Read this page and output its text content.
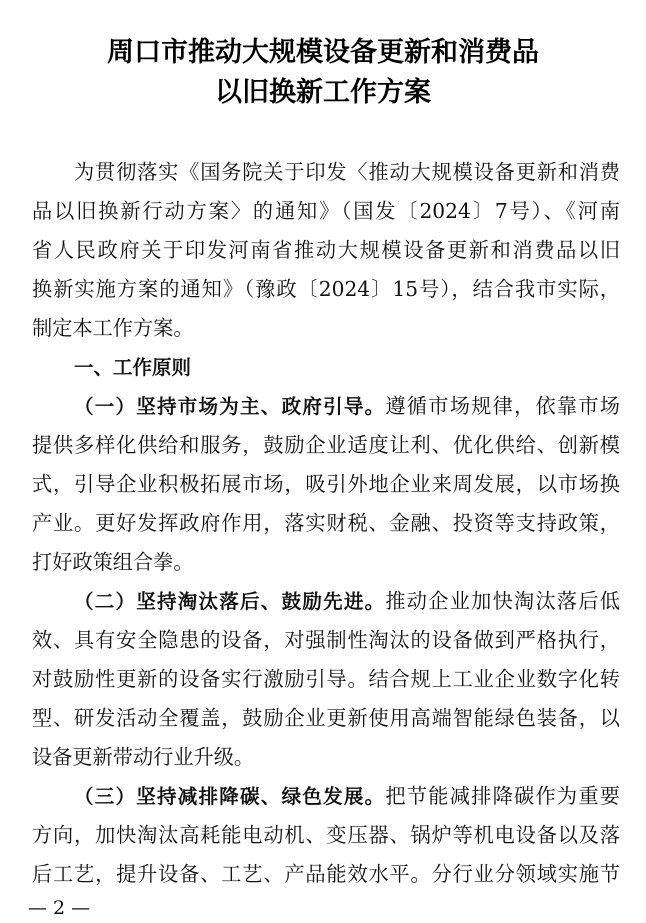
周口市推动大规模设备更新和消费品
以旧换新工作方案
为贯彻落实《国务院关于印发〈推动大规模设备更新和消费
品以旧换新行动方案〉的通知》（国发〔2024〕7号）、《河南
省人民政府关于印发河南省推动大规模设备更新和消费品以旧
换新实施方案的通知》（豫政〔2024〕15号），结合我市实际，
制定本工作方案。
一、工作原则
（一）坚持市场为主、政府引导。遵循市场规律，依靠市场
提供多样化供给和服务，鼓励企业适度让利、优化供给、创新模
式，引导企业积极拓展市场，吸引外地企业来周发展，以市场换
产业。更好发挥政府作用，落实财税、金融、投资等支持政策，
打好政策组合拳。
（二）坚持淘汰落后、鼓励先进。推动企业加快淘汰落后低
效、具有安全隐患的设备，对强制性淘汰的设备做到严格执行，
对鼓励性更新的设备实行激励引导。结合规上工业企业数字化转
型、研发活动全覆盖，鼓励企业更新使用高端智能绿色装备，以
设备更新带动行业升级。
（三）坚持减排降碳、绿色发展。把节能减排降碳作为重要
方向，加快淘汰高耗能电动机、变压器、锅炉等机电设备以及落
后工艺，提升设备、工艺、产品能效水平。分行业分领域实施节
— 2 —
